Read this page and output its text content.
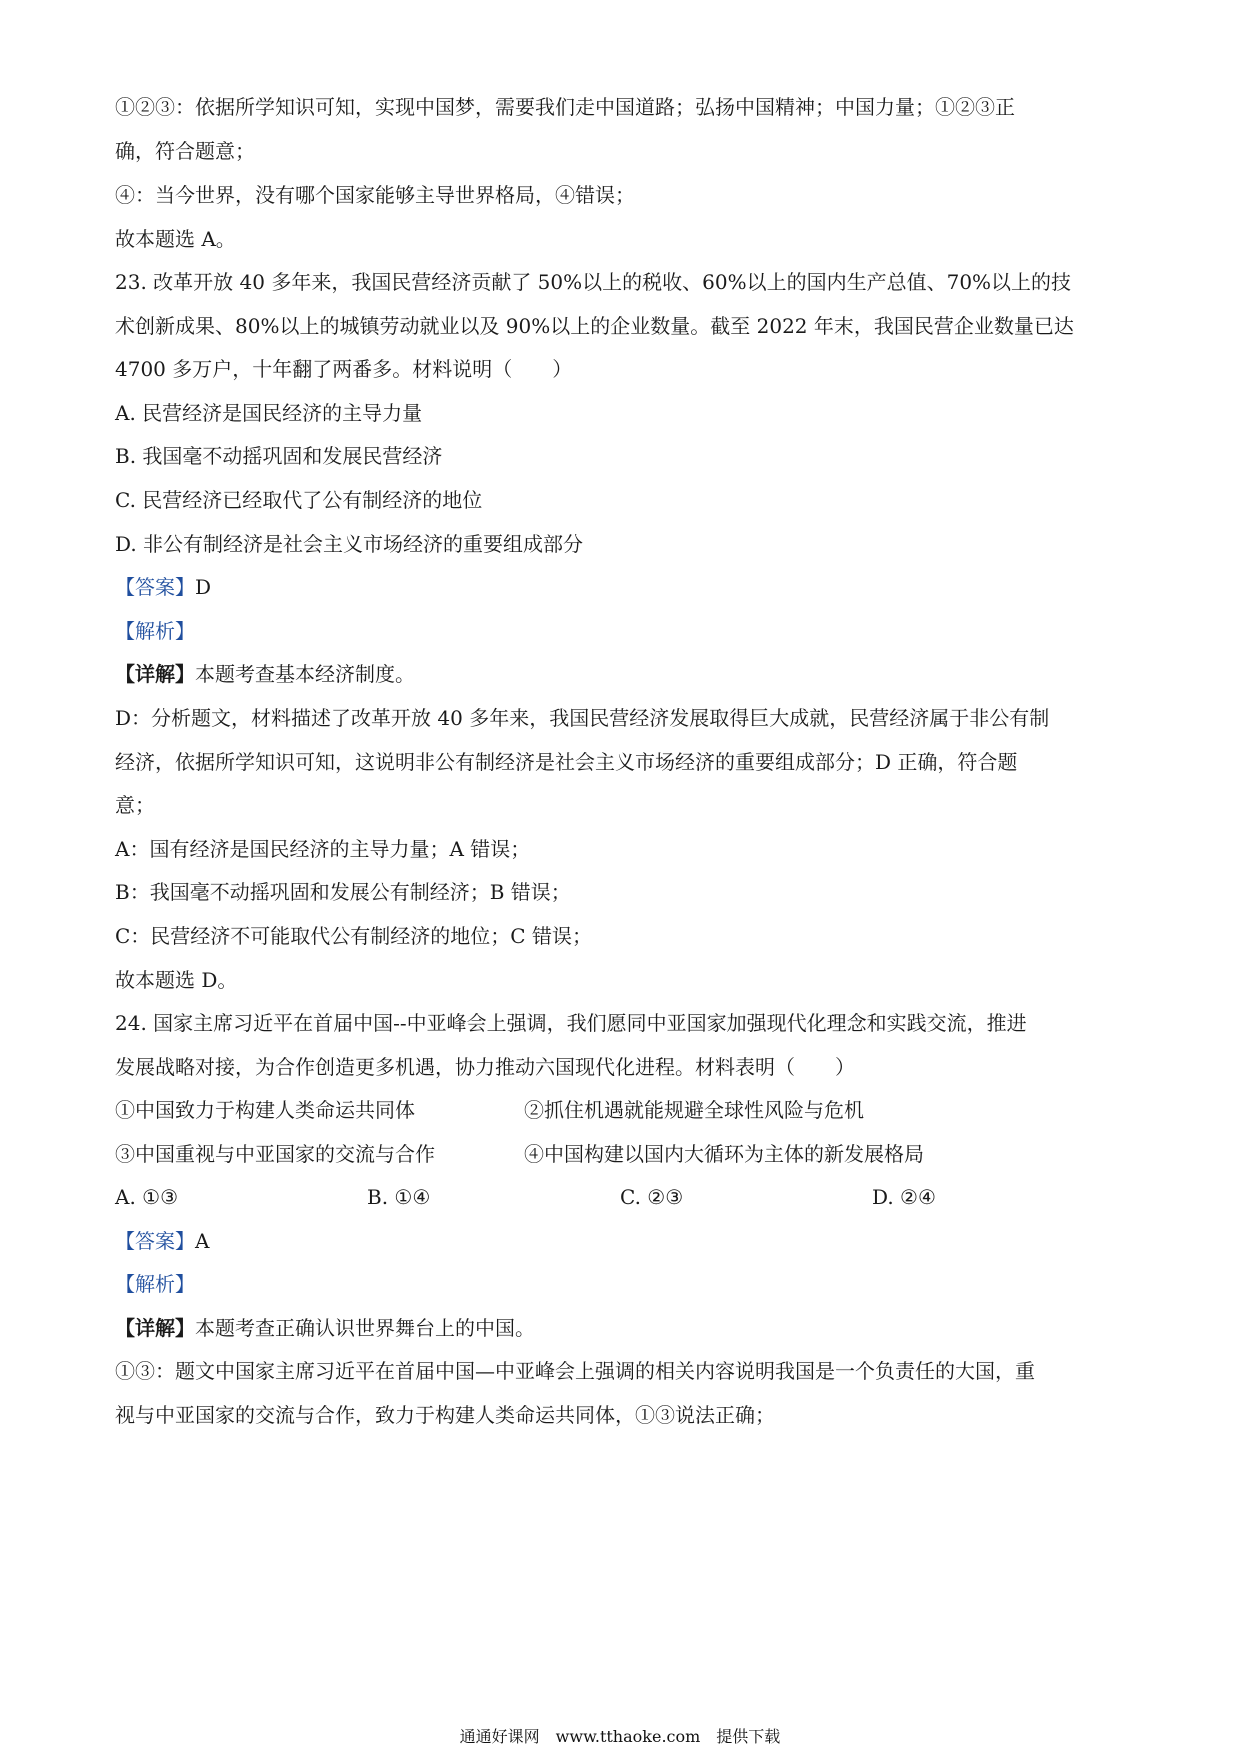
①②③：依据所学知识可知，实现中国梦，需要我们走中国道路；弘扬中国精神；中国力量；①②③正
确，符合题意；
④：当今世界，没有哪个国家能够主导世界格局，④错误；
故本题选 A。
23. 改革开放 40 多年来，我国民营经济贡献了 50%以上的税收、60%以上的国内生产总值、70%以上的技
术创新成果、80%以上的城镇劳动就业以及 90%以上的企业数量。截至 2022 年末，我国民营企业数量已达
4700 多万户，十年翻了两番多。材料说明（　　）
A. 民营经济是国民经济的主导力量
B. 我国毫不动摇巩固和发展民营经济
C. 民营经济已经取代了公有制经济的地位
D. 非公有制经济是社会主义市场经济的重要组成部分
【答案】D
【解析】
【详解】本题考查基本经济制度。
D：分析题文，材料描述了改革开放 40 多年来，我国民营经济发展取得巨大成就，民营经济属于非公有制
经济，依据所学知识可知，这说明非公有制经济是社会主义市场经济的重要组成部分；D 正确，符合题
意；
A：国有经济是国民经济的主导力量；A 错误；
B：我国毫不动摇巩固和发展公有制经济；B 错误；
C：民营经济不可能取代公有制经济的地位；C 错误；
故本题选 D。
24. 国家主席习近平在首届中国--中亚峰会上强调，我们愿同中亚国家加强现代化理念和实践交流，推进
发展战略对接，为合作创造更多机遇，协力推动六国现代化进程。材料表明（　　）
①中国致力于构建人类命运共同体	②抓住机遇就能规避全球性风险与危机
③中国重视与中亚国家的交流与合作	④中国构建以国内大循环为主体的新发展格局
A. ①③	B. ①④	C. ②③	D. ②④
【答案】A
【解析】
【详解】本题考查正确认识世界舞台上的中国。
①③：题文中国家主席习近平在首届中国—中亚峰会上强调的相关内容说明我国是一个负责任的大国，重
视与中亚国家的交流与合作，致力于构建人类命运共同体，①③说法正确；
通通好课网　www.tthaoke.com　提供下载
